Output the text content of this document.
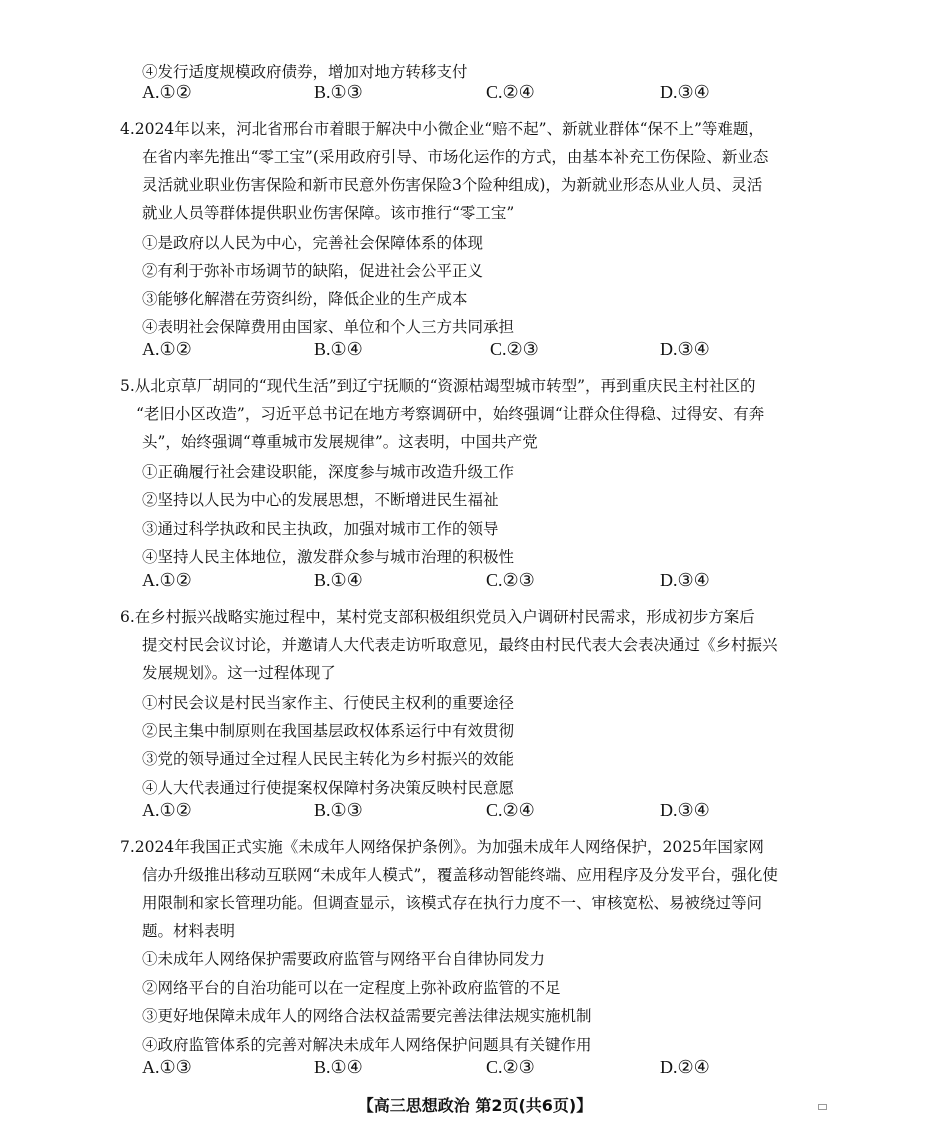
④发行适度规模政府债券，增加对地方转移支付
A.①②	B.①③	C.②④	D.③④
4.2024年以来，河北省邢台市着眼于解决中小微企业“赔不起”、新就业群体“保不上”等难题，
在省内率先推出“零工宝”(采用政府引导、市场化运作的方式，由基本补充工伤保险、新业态
灵活就业职业伤害保险和新市民意外伤害保险3个险种组成)，为新就业形态从业人员、灵活
就业人员等群体提供职业伤害保障。该市推行“零工宝”
①是政府以人民为中心，完善社会保障体系的体现
②有利于弥补市场调节的缺陷，促进社会公平正义
③能够化解潜在劳资纠纷，降低企业的生产成本
④表明社会保障费用由国家、单位和个人三方共同承担
A.①②	B.①④	C.②③	D.③④
5.从北京草厂胡同的“现代生活”到辽宁抚顺的“资源枯竭型城市转型”，再到重庆民主村社区的
“老旧小区改造”，习近平总书记在地方考察调研中，始终强调“让群众住得稳、过得安、有奔
头”，始终强调“尊重城市发展规律”。这表明，中国共产党
①正确履行社会建设职能，深度参与城市改造升级工作
②坚持以人民为中心的发展思想，不断增进民生福祉
③通过科学执政和民主执政，加强对城市工作的领导
④坚持人民主体地位，激发群众参与城市治理的积极性
A.①②	B.①④	C.②③	D.③④
6.在乡村振兴战略实施过程中，某村党支部积极组织党员入户调研村民需求，形成初步方案后
提交村民会议讨论，并邀请人大代表走访听取意见，最终由村民代表大会表决通过《乡村振兴
发展规划》。这一过程体现了
①村民会议是村民当家作主、行使民主权利的重要途径
②民主集中制原则在我国基层政权体系运行中有效贯彻
③党的领导通过全过程人民民主转化为乡村振兴的效能
④人大代表通过行使提案权保障村务决策反映村民意愿
A.①②	B.①③	C.②④	D.③④
7.2024年我国正式实施《未成年人网络保护条例》。为加强未成年人网络保护，2025年国家网
信办升级推出移动互联网“未成年人模式”，覆盖移动智能终端、应用程序及分发平台，强化使
用限制和家长管理功能。但调查显示，该模式存在执行力度不一、审核宽松、易被绕过等问
题。材料表明
①未成年人网络保护需要政府监管与网络平台自律协同发力
②网络平台的自治功能可以在一定程度上弥补政府监管的不足
③更好地保障未成年人的网络合法权益需要完善法律法规实施机制
④政府监管体系的完善对解决未成年人网络保护问题具有关键作用
A.①③	B.①④	C.②③	D.②④
【高三思想政治 第2页(共6页)】
